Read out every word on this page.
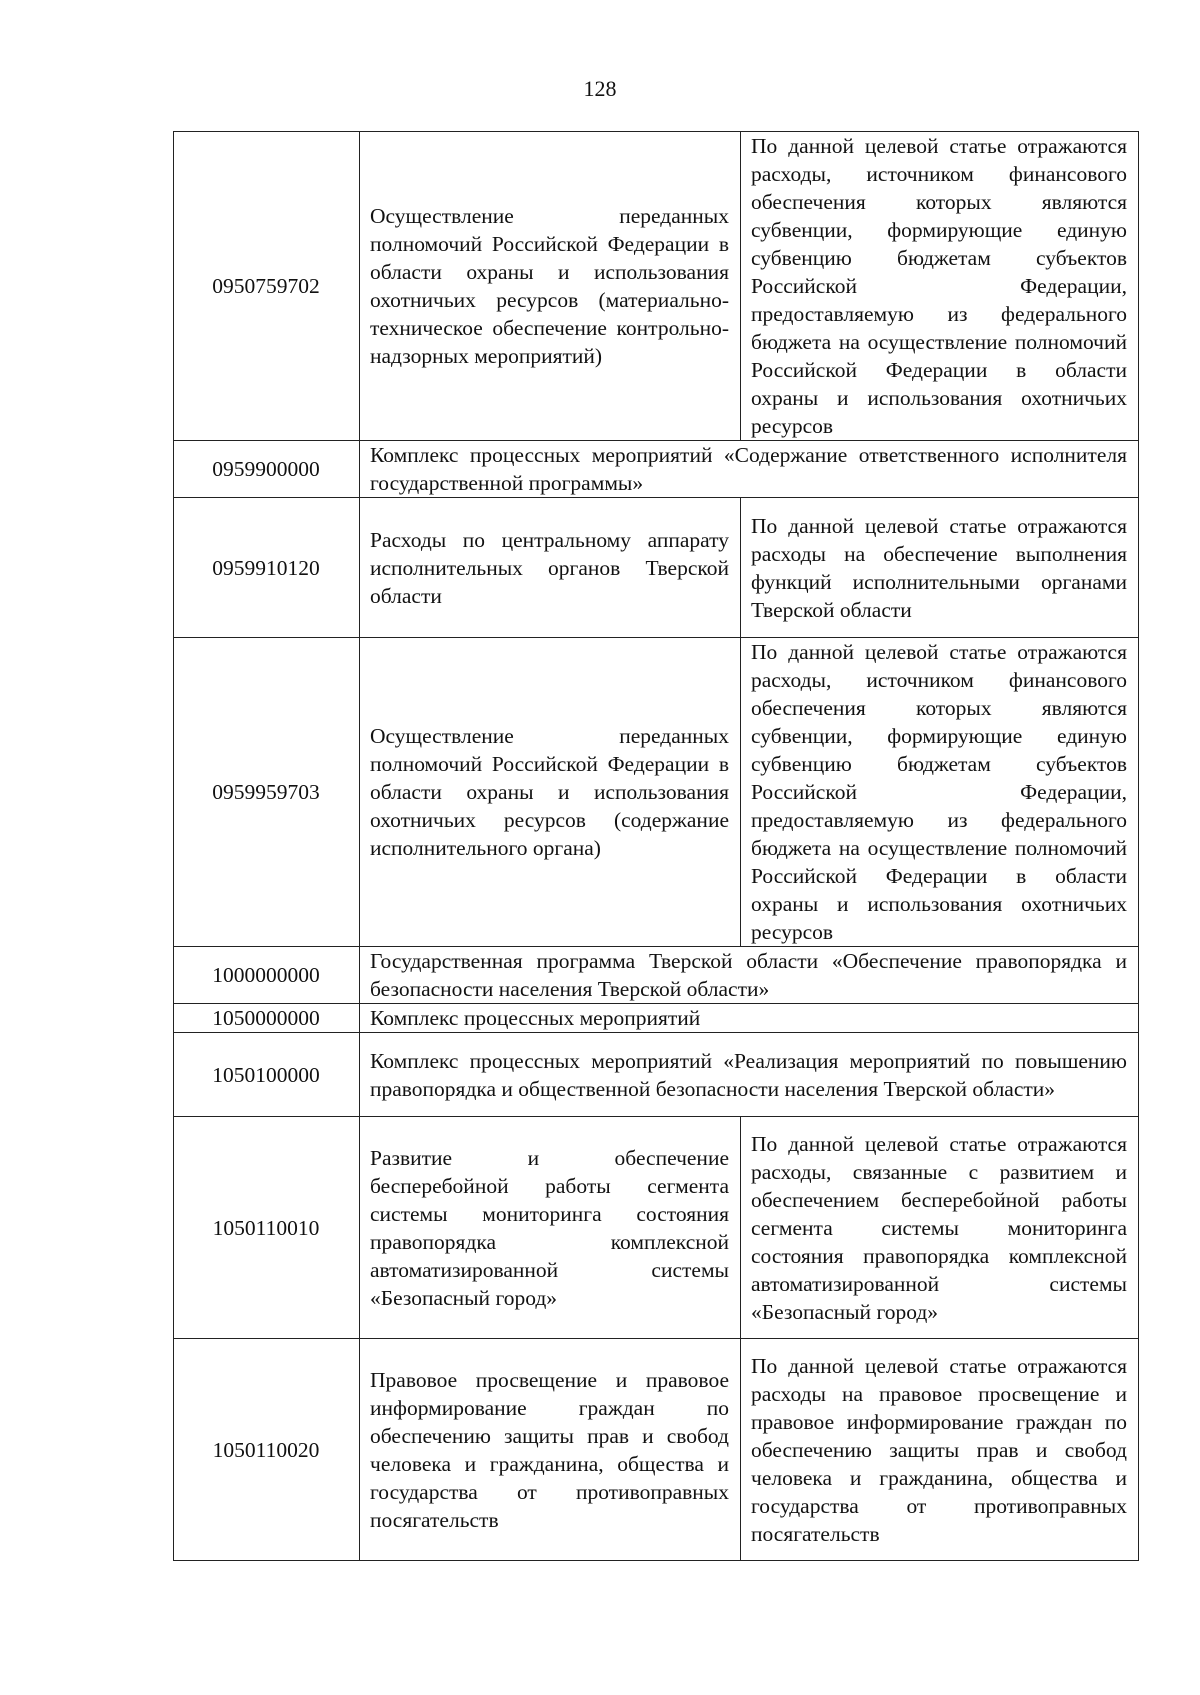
128
0950759702	Осуществление переданных полномочий Российской Федерации в области охраны и использования охотничьих ресурсов (материально-техническое обеспечение контрольно-надзорных мероприятий)	По данной целевой статье отражаются расходы, источником финансового обеспечения которых являются субвенции, формирующие единую субвенцию бюджетам субъектов Российской Федерации, предоставляемую из федерального бюджета на осуществление полномочий Российской Федерации в области охраны и использования охотничьих ресурсов
0959900000	Комплекс процессных мероприятий «Содержание ответственного исполнителя государственной программы»	
0959910120	Расходы по центральному аппарату исполнительных органов Тверской области	По данной целевой статье отражаются расходы на обеспечение выполнения функций исполнительными органами Тверской области
0959959703	Осуществление переданных полномочий Российской Федерации в области охраны и использования охотничьих ресурсов (содержание исполнительного органа)	По данной целевой статье отражаются расходы, источником финансового обеспечения которых являются субвенции, формирующие единую субвенцию бюджетам субъектов Российской Федерации, предоставляемую из федерального бюджета на осуществление полномочий Российской Федерации в области охраны и использования охотничьих ресурсов
1000000000	Государственная программа Тверской области «Обеспечение правопорядка и безопасности населения Тверской области»	
1050000000	Комплекс процессных мероприятий	
1050100000	Комплекс процессных мероприятий «Реализация мероприятий по повышению правопорядка и общественной безопасности населения Тверской области»	
1050110010	Развитие и обеспечение бесперебойной работы сегмента системы мониторинга состояния правопорядка комплексной автоматизированной системы «Безопасный город»	По данной целевой статье отражаются расходы, связанные с развитием и обеспечением бесперебойной работы сегмента системы мониторинга состояния правопорядка комплексной автоматизированной системы «Безопасный город»
1050110020	Правовое просвещение и правовое информирование граждан по обеспечению защиты прав и свобод человека и гражданина, общества и государства от противоправных посягательств	По данной целевой статье отражаются расходы на правовое просвещение и правовое информирование граждан по обеспечению защиты прав и свобод человека и гражданина, общества и государства от противоправных посягательств
